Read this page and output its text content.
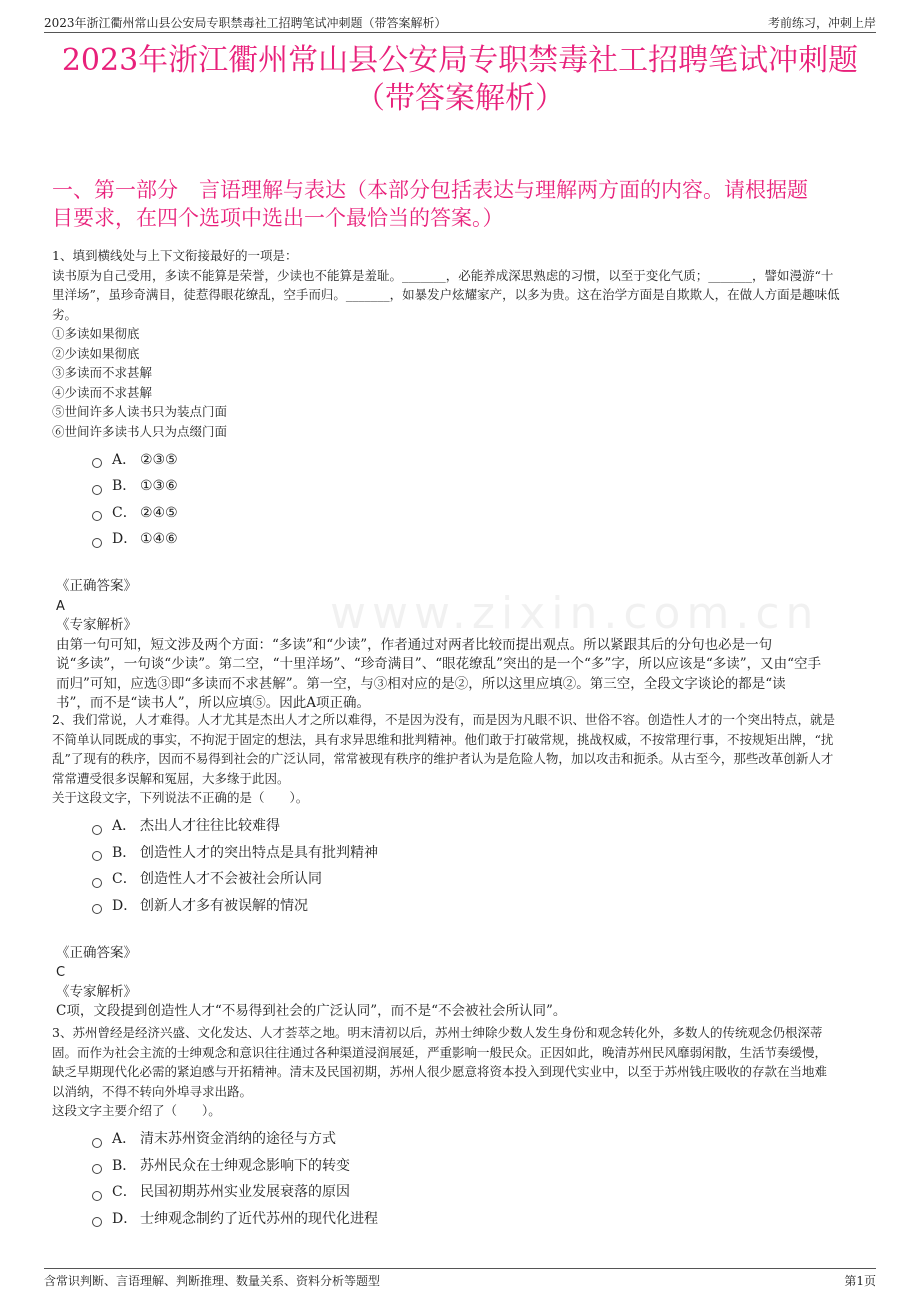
2023年浙江衢州常山县公安局专职禁毒社工招聘笔试冲刺题（带答案解析）	考前练习，冲刺上岸
2023年浙江衢州常山县公安局专职禁毒社工招聘笔试冲刺题
（带答案解析）
一、第一部分　言语理解与表达（本部分包括表达与理解两方面的内容。请根据题
目要求，在四个选项中选出一个最恰当的答案。）
www.zixin.com.cn

1、填到横线处与上下文衔接最好的一项是：

读书原为自己受用，多读不能算是荣誉，少读也不能算是羞耻。_______，必能养成深思熟虑的习惯，以至于变化气质；_______，譬如漫游“十

里洋场”，虽珍奇满目，徒惹得眼花缭乱，空手而归。_______，如暴发户炫耀家产，以多为贵。这在治学方面是自欺欺人，在做人方面是趣味低

劣。

①多读如果彻底

②少读如果彻底

③多读而不求甚解

④少读而不求甚解

⑤世间许多人读书只为装点门面

⑥世间许多读书人只为点缀门面

A． ②③⑤
B． ①③⑥
C． ②④⑤
D． ①④⑥
《正确答案》
A
《专家解析》
由第一句可知，短文涉及两个方面：“多读”和“少读”，作者通过对两者比较而提出观点。所以紧跟其后的分句也必是一句
说“多读”，一句谈“少读”。第二空，“十里洋场”、“珍奇满目”、“眼花缭乱”突出的是一个“多”字，所以应该是“多读”，又由“空手
而归”可知，应选③即“多读而不求甚解”。第一空，与③相对应的是②，所以这里应填②。第三空，全段文字谈论的都是“读
书”，而不是“读书人”，所以应填⑤。因此A项正确。

2、我们常说，人才难得。人才尤其是杰出人才之所以难得，不是因为没有，而是因为凡眼不识、世俗不容。创造性人才的一个突出特点，就是

不简单认同既成的事实，不拘泥于固定的想法，具有求异思维和批判精神。他们敢于打破常规，挑战权威，不按常理行事，不按规矩出牌，“扰

乱”了现有的秩序，因而不易得到社会的广泛认同，常常被现有秩序的维护者认为是危险人物，加以攻击和扼杀。从古至今，那些改革创新人才

常常遭受很多误解和冤屈，大多缘于此因。

关于这段文字，下列说法不正确的是（　　）。

A． 杰出人才往往比较难得
B． 创造性人才的突出特点是具有批判精神
C． 创造性人才不会被社会所认同
D． 创新人才多有被误解的情况
《正确答案》
C
《专家解析》
C项，文段提到创造性人才“不易得到社会的广泛认同”，而不是“不会被社会所认同”。

3、苏州曾经是经济兴盛、文化发达、人才荟萃之地。明末清初以后，苏州士绅除少数人发生身份和观念转化外，多数人的传统观念仍根深蒂

固。而作为社会主流的士绅观念和意识往往通过各种渠道浸润展延，严重影响一般民众。正因如此，晚清苏州民风靡弱闲散，生活节奏缓慢，

缺乏早期现代化必需的紧迫感与开拓精神。清末及民国初期，苏州人很少愿意将资本投入到现代实业中，以至于苏州钱庄吸收的存款在当地难

以消纳，不得不转向外埠寻求出路。

这段文字主要介绍了（　　）。

A． 清末苏州资金消纳的途径与方式
B． 苏州民众在士绅观念影响下的转变
C． 民国初期苏州实业发展衰落的原因
D． 士绅观念制约了近代苏州的现代化进程
含常识判断、言语理解、判断推理、数量关系、资料分析等题型	第1页
